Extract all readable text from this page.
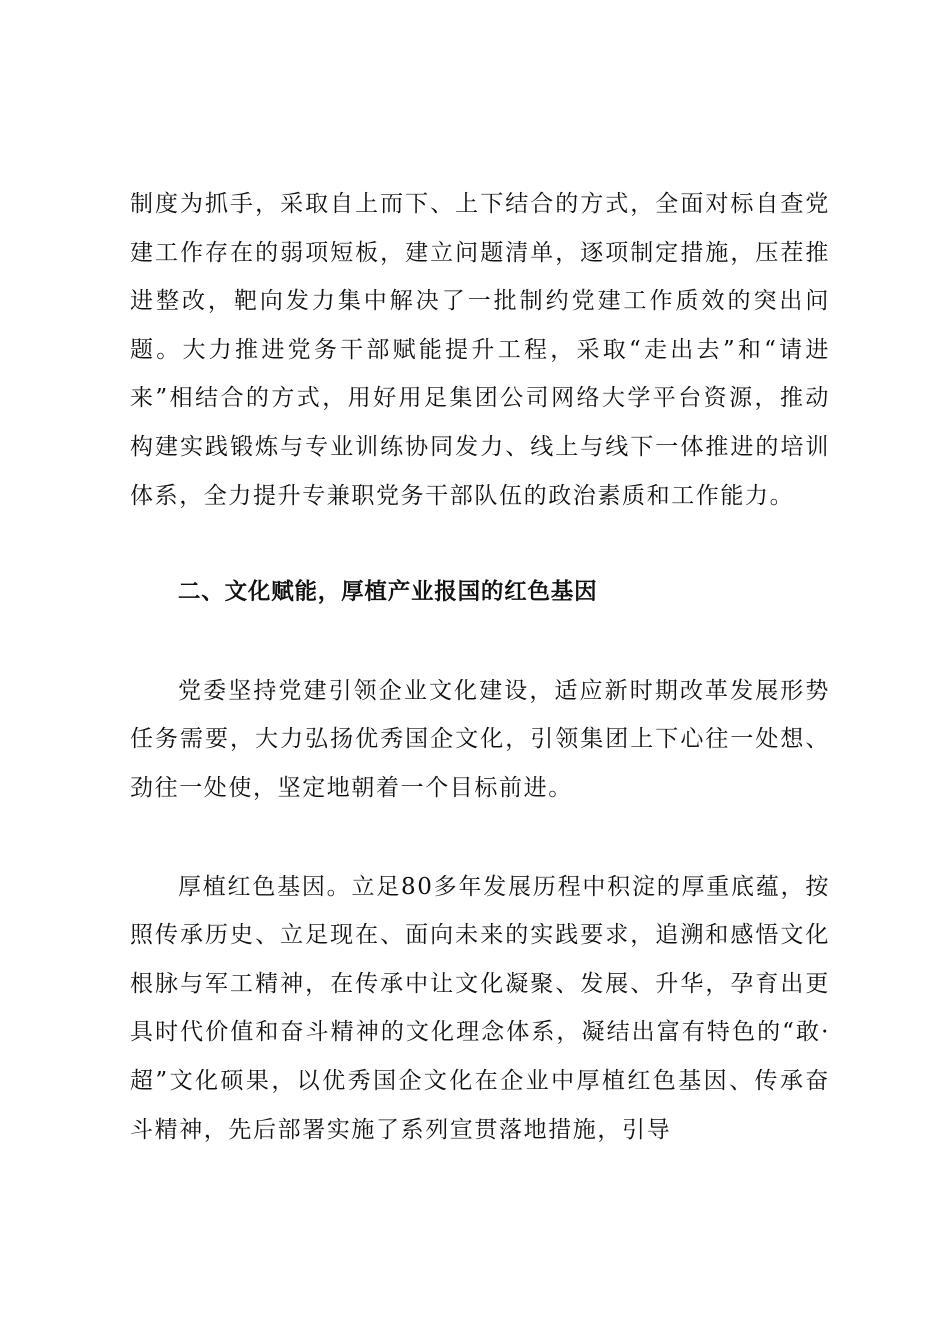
制度为抓手，采取自上而下、上下结合的方式，全面对标自查党建工作存在的弱项短板，建立问题清单，逐项制定措施，压茬推进整改，靶向发力集中解决了一批制约党建工作质效的突出问题。大力推进党务干部赋能提升工程，采取“走出去”和“请进来”相结合的方式，用好用足集团公司网络大学平台资源，推动构建实践锻炼与专业训练协同发力、线上与线下一体推进的培训体系，全力提升专兼职党务干部队伍的政治素质和工作能力。

二、文化赋能，厚植产业报国的红色基因

党委坚持党建引领企业文化建设，适应新时期改革发展形势任务需要，大力弘扬优秀国企文化，引领集团上下心往一处想、劲往一处使，坚定地朝着一个目标前进。

厚植红色基因。立足80多年发展历程中积淀的厚重底蕴，按照传承历史、立足现在、面向未来的实践要求，追溯和感悟文化根脉与军工精神，在传承中让文化凝聚、发展、升华，孕育出更具时代价值和奋斗精神的文化理念体系，凝结出富有特色的“敢·超”文化硕果，以优秀国企文化在企业中厚植红色基因、传承奋斗精神，先后部署实施了系列宣贯落地措施，引导
